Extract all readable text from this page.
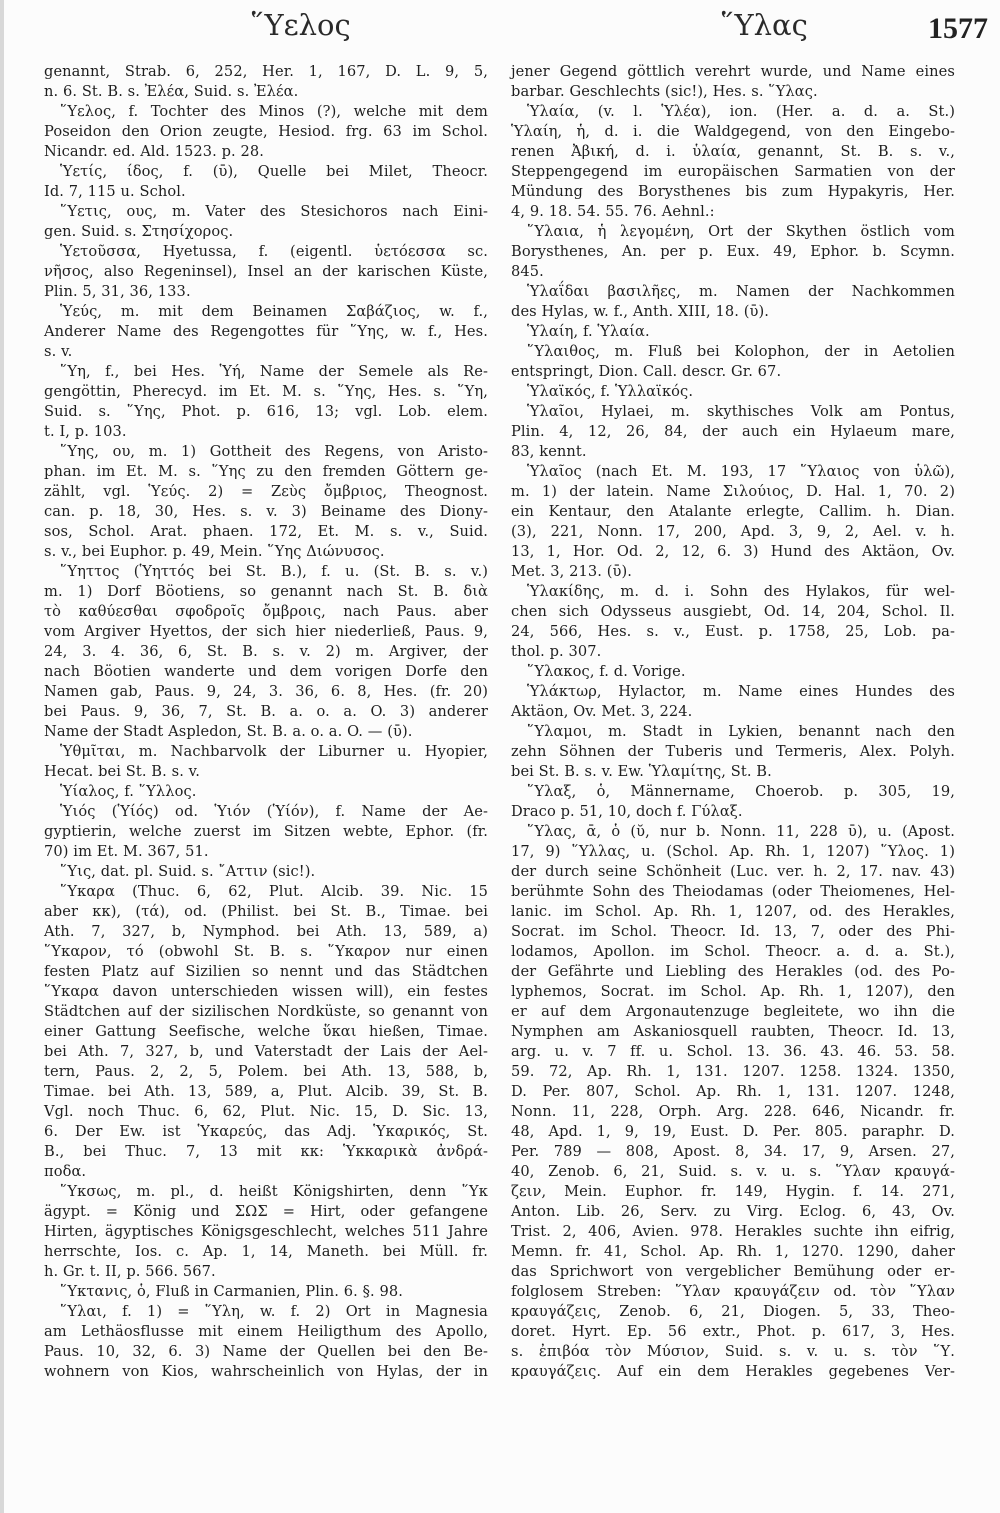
῞Υελος	῞Υλας	1577
genannt, Strab. 6, 252, Her. 1, 167, D. L. 9, 5,
n. 6. St. B. s. Ἐλέα, Suid. s. Ἐλέα.
῞Υελος, f. Tochter des Minos (?), welche mit dem
Poseidon den Orion zeugte, Hesiod. frg. 63 im Schol.
Nicandr. ed. Ald. 1523. p. 28.
Ὑετίς, ίδος, f. (ῡ), Quelle bei Milet, Theocr.
Id. 7, 115 u. Schol.
῞Υετις, ους, m. Vater des Stesichoros nach Eini-
gen. Suid. s. Στησίχορος.
Ὑετοῦσσα, Hyetussa, f. (eigentl. ὑετόεσσα sc.
νῆσος, also Regeninsel), Insel an der karischen Küste,
Plin. 5, 31, 36, 133.
Ὑεύς, m. mit dem Beinamen Σαβάζιος, w. f.,
Anderer Name des Regengottes für ῞Υης, w. f., Hes.
s. v.
῞Υη, f., bei Hes. Ὑή, Name der Semele als Re-
gengöttin, Pherecyd. im Et. M. s. ῞Υης, Hes. s. ῞Υη,
Suid. s. ῞Υης, Phot. p. 616, 13; vgl. Lob. elem.
t. I, p. 103.
῞Υης, ου, m. 1) Gottheit des Regens, von Aristo-
phan. im Et. M. s. ῞Υης zu den fremden Göttern ge-
zählt, vgl. Ὑεύς. 2) = Ζεὺς ὄμβριος, Theognost.
can. p. 18, 30, Hes. s. v. 3) Beiname des Diony-
sos, Schol. Arat. phaen. 172, Et. M. s. v., Suid.
s. v., bei Euphor. p. 49, Mein. ῞Υης Διώνυσος.
῞Υηττος (Ὑηττός bei St. B.), f. u. (St. B. s. v.)
m. 1) Dorf Böotiens, so genannt nach St. B. διὰ
τὸ καθύεσθαι σφοδροῖς ὄμβροις, nach Paus. aber
vom Argiver Hyettos, der sich hier niederließ, Paus. 9,
24, 3. 4. 36, 6, St. B. s. v. 2) m. Argiver, der
nach Böotien wanderte und dem vorigen Dorfe den
Namen gab, Paus. 9, 24, 3. 36, 6. 8, Hes. (fr. 20)
bei Paus. 9, 36, 7, St. B. a. o. a. O. 3) anderer
Name der Stadt Aspledon, St. B. a. o. a. O. — (ῡ).
Ὑθμῖται, m. Nachbarvolk der Liburner u. Hyopier,
Hecat. bei St. B. s. v.
Ὑίαλος, f. ῞Υλλος.
Ὑιός (Ὑίός) od. Ὑιόν (Ὑίόν), f. Name der Ae-
gyptierin, welche zuerst im Sitzen webte, Ephor. (fr.
70) im Et. M. 367, 51.
῞Υις, dat. pl. Suid. s. ῎Αττιν (sic!).
῞Υκαρα (Thuc. 6, 62, Plut. Alcib. 39. Nic. 15
aber κκ), (τά), od. (Philist. bei St. B., Timae. bei
Ath. 7, 327, b, Nymphod. bei Ath. 13, 589, a)
῞Υκαρον, τό (obwohl St. B. s. ῞Υκαρον nur einen
festen Platz auf Sizilien so nennt und das Städtchen
῞Υκαρα davon unterschieden wissen will), ein festes
Städtchen auf der sizilischen Nordküste, so genannt von
einer Gattung Seefische, welche ὕκαι hießen, Timae.
bei Ath. 7, 327, b, und Vaterstadt der Lais der Ael-
tern, Paus. 2, 2, 5, Polem. bei Ath. 13, 588, b,
Timae. bei Ath. 13, 589, a, Plut. Alcib. 39, St. B.
Vgl. noch Thuc. 6, 62, Plut. Nic. 15, D. Sic. 13,
6. Der Ew. ist Ὑκαρεύς, das Adj. Ὑκαρικός, St.
B., bei Thuc. 7, 13 mit κκ: Ὑκκαρικὰ ἀνδρά-
ποδα.
῞Υκσως, m. pl., d. heißt Königshirten, denn ῞Υκ
ägypt. = König und ΣΩΣ = Hirt, oder gefangene
Hirten, ägyptisches Königsgeschlecht, welches 511 Jahre
herrschte, Ios. c. Ap. 1, 14, Maneth. bei Müll. fr.
h. Gr. t. II, p. 566. 567.
῞Υκτανις, ὁ, Fluß in Carmanien, Plin. 6. §. 98.
῞Υλαι, f. 1) = ῞Υλη, w. f. 2) Ort in Magnesia
am Lethäosflusse mit einem Heiligthum des Apollo,
Paus. 10, 32, 6. 3) Name der Quellen bei den Be-
wohnern von Kios, wahrscheinlich von Hylas, der in
jener Gegend göttlich verehrt wurde, und Name eines
barbar. Geschlechts (sic!), Hes. s. ῞Υλας.
Ὑλαία, (v. l. Ὑλέα), ion. (Her. a. d. a. St.)
Ὑλαίη, ἡ, d. i. die Waldgegend, von den Eingebo-
renen Ἀβική, d. i. ὑλαία, genannt, St. B. s. v.,
Steppengegend im europäischen Sarmatien von der
Mündung des Borysthenes bis zum Hypakyris, Her.
4, 9. 18. 54. 55. 76. Aehnl.:
῞Υλαια, ἡ λεγομένη, Ort der Skythen östlich vom
Borysthenes, An. per p. Eux. 49, Ephor. b. Scymn.
845.
Ὑλαΐδαι βασιλῆες, m. Namen der Nachkommen
des Hylas, w. f., Anth. XIII, 18. (ῡ).
Ὑλαίη, f. Ὑλαία.
῞Υλαιθος, m. Fluß bei Kolophon, der in Aetolien
entspringt, Dion. Call. descr. Gr. 67.
Ὑλαϊκός, f. Ὑλλαϊκός.
Ὑλαῖοι, Hylaei, m. skythisches Volk am Pontus,
Plin. 4, 12, 26, 84, der auch ein Hylaeum mare,
83, kennt.
Ὑλαῖος (nach Et. M. 193, 17 ῞Υλαιος von ὑλῶ),
m. 1) der latein. Name Σιλούιος, D. Hal. 1, 70. 2)
ein Kentaur, den Atalante erlegte, Callim. h. Dian.
(3), 221, Nonn. 17, 200, Apd. 3, 9, 2, Ael. v. h.
13, 1, Hor. Od. 2, 12, 6. 3) Hund des Aktäon, Ov.
Met. 3, 213. (ῡ).
Ὑλακίδης, m. d. i. Sohn des Hylakos, für wel-
chen sich Odysseus ausgiebt, Od. 14, 204, Schol. Il.
24, 566, Hes. s. v., Eust. p. 1758, 25, Lob. pa-
thol. p. 307.
῞Υλακος, f. d. Vorige.
Ὑλάκτωρ, Hylactor, m. Name eines Hundes des
Aktäon, Ov. Met. 3, 224.
῞Υλαμοι, m. Stadt in Lykien, benannt nach den
zehn Söhnen der Tuberis und Termeris, Alex. Polyh.
bei St. B. s. v. Ew. Ὑλαμίτης, St. B.
῞Υλαξ, ὁ, Männername, Choerob. p. 305, 19,
Draco p. 51, 10, doch f. Γύλαξ.
῞Υλας, ᾱ, ὁ (ῠ, nur b. Nonn. 11, 228 ῡ), u. (Apost.
17, 9) ῞Υλλας, u. (Schol. Ap. Rh. 1, 1207) ῞Υλος. 1)
der durch seine Schönheit (Luc. ver. h. 2, 17. nav. 43)
berühmte Sohn des Theiodamas (oder Theiomenes, Hel-
lanic. im Schol. Ap. Rh. 1, 1207, od. des Herakles,
Socrat. im Schol. Theocr. Id. 13, 7, oder des Phi-
lodamos, Apollon. im Schol. Theocr. a. d. a. St.),
der Gefährte und Liebling des Herakles (od. des Po-
lyphemos, Socrat. im Schol. Ap. Rh. 1, 1207), den
er auf dem Argonautenzuge begleitete, wo ihn die
Nymphen am Askaniosquell raubten, Theocr. Id. 13,
arg. u. v. 7 ff. u. Schol. 13. 36. 43. 46. 53. 58.
59. 72, Ap. Rh. 1, 131. 1207. 1258. 1324. 1350,
D. Per. 807, Schol. Ap. Rh. 1, 131. 1207. 1248,
Nonn. 11, 228, Orph. Arg. 228. 646, Nicandr. fr.
48, Apd. 1, 9, 19, Eust. D. Per. 805. paraphr. D.
Per. 789 — 808, Apost. 8, 34. 17, 9, Arsen. 27,
40, Zenob. 6, 21, Suid. s. v. u. s. ῞Υλαν κραυγά-
ζειν, Mein. Euphor. fr. 149, Hygin. f. 14. 271,
Anton. Lib. 26, Serv. zu Virg. Eclog. 6, 43, Ov.
Trist. 2, 406, Avien. 978. Herakles suchte ihn eifrig,
Memn. fr. 41, Schol. Ap. Rh. 1, 1270. 1290, daher
das Sprichwort von vergeblicher Bemühung oder er-
folglosem Streben: ῞Υλαν κραυγάζειν od. τὸν ῞Υλαν
κραυγάζεις, Zenob. 6, 21, Diogen. 5, 33, Theo-
doret. Hyrt. Ep. 56 extr., Phot. p. 617, 3, Hes.
s. ἐπιβόα τὸν Μύσιον, Suid. s. v. u. s. τὸν ῞Υ.
κραυγάζεις. Auf ein dem Herakles gegebenes Ver-
